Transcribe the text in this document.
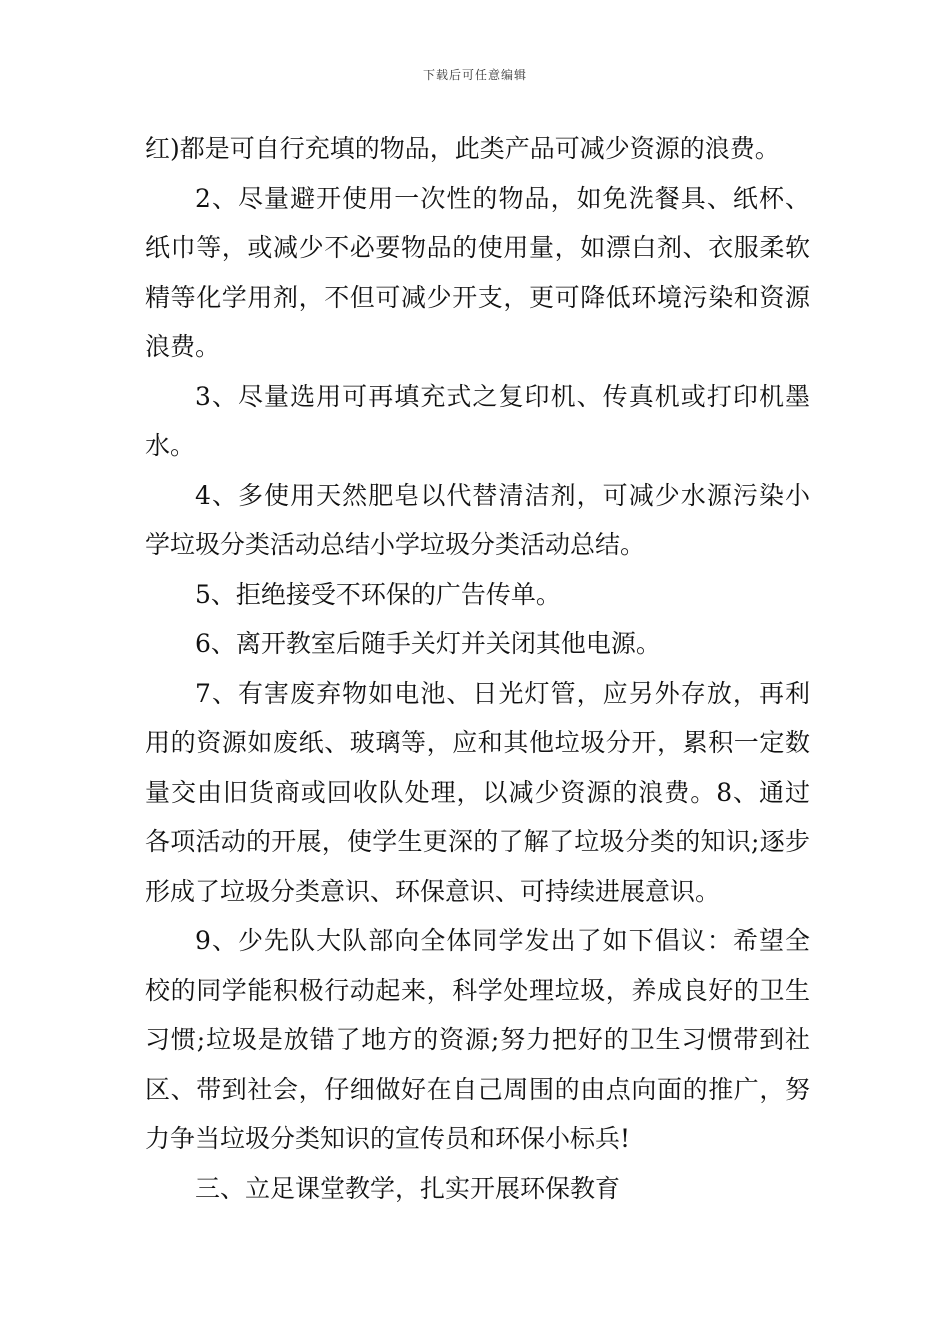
下载后可任意编辑

红)都是可自行充填的物品，此类产品可减少资源的浪费。

2、尽量避开使用一次性的物品，如免洗餐具、纸杯、纸巾等，或减少不必要物品的使用量，如漂白剂、衣服柔软精等化学用剂，不但可减少开支，更可降低环境污染和资源浪费。

3、尽量选用可再填充式之复印机、传真机或打印机墨水。

4、多使用天然肥皂以代替清洁剂，可减少水源污染小学垃圾分类活动总结小学垃圾分类活动总结。

5、拒绝接受不环保的广告传单。

6、离开教室后随手关灯并关闭其他电源。

7、有害废弃物如电池、日光灯管，应另外存放，再利用的资源如废纸、玻璃等，应和其他垃圾分开，累积一定数量交由旧货商或回收队处理，以减少资源的浪费。8、通过各项活动的开展，使学生更深的了解了垃圾分类的知识;逐步形成了垃圾分类意识、环保意识、可持续进展意识。

9、少先队大队部向全体同学发出了如下倡议：希望全校的同学能积极行动起来，科学处理垃圾，养成良好的卫生习惯;垃圾是放错了地方的资源;努力把好的卫生习惯带到社区、带到社会，仔细做好在自己周围的由点向面的推广，努力争当垃圾分类知识的宣传员和环保小标兵!

三、立足课堂教学，扎实开展环保教育
